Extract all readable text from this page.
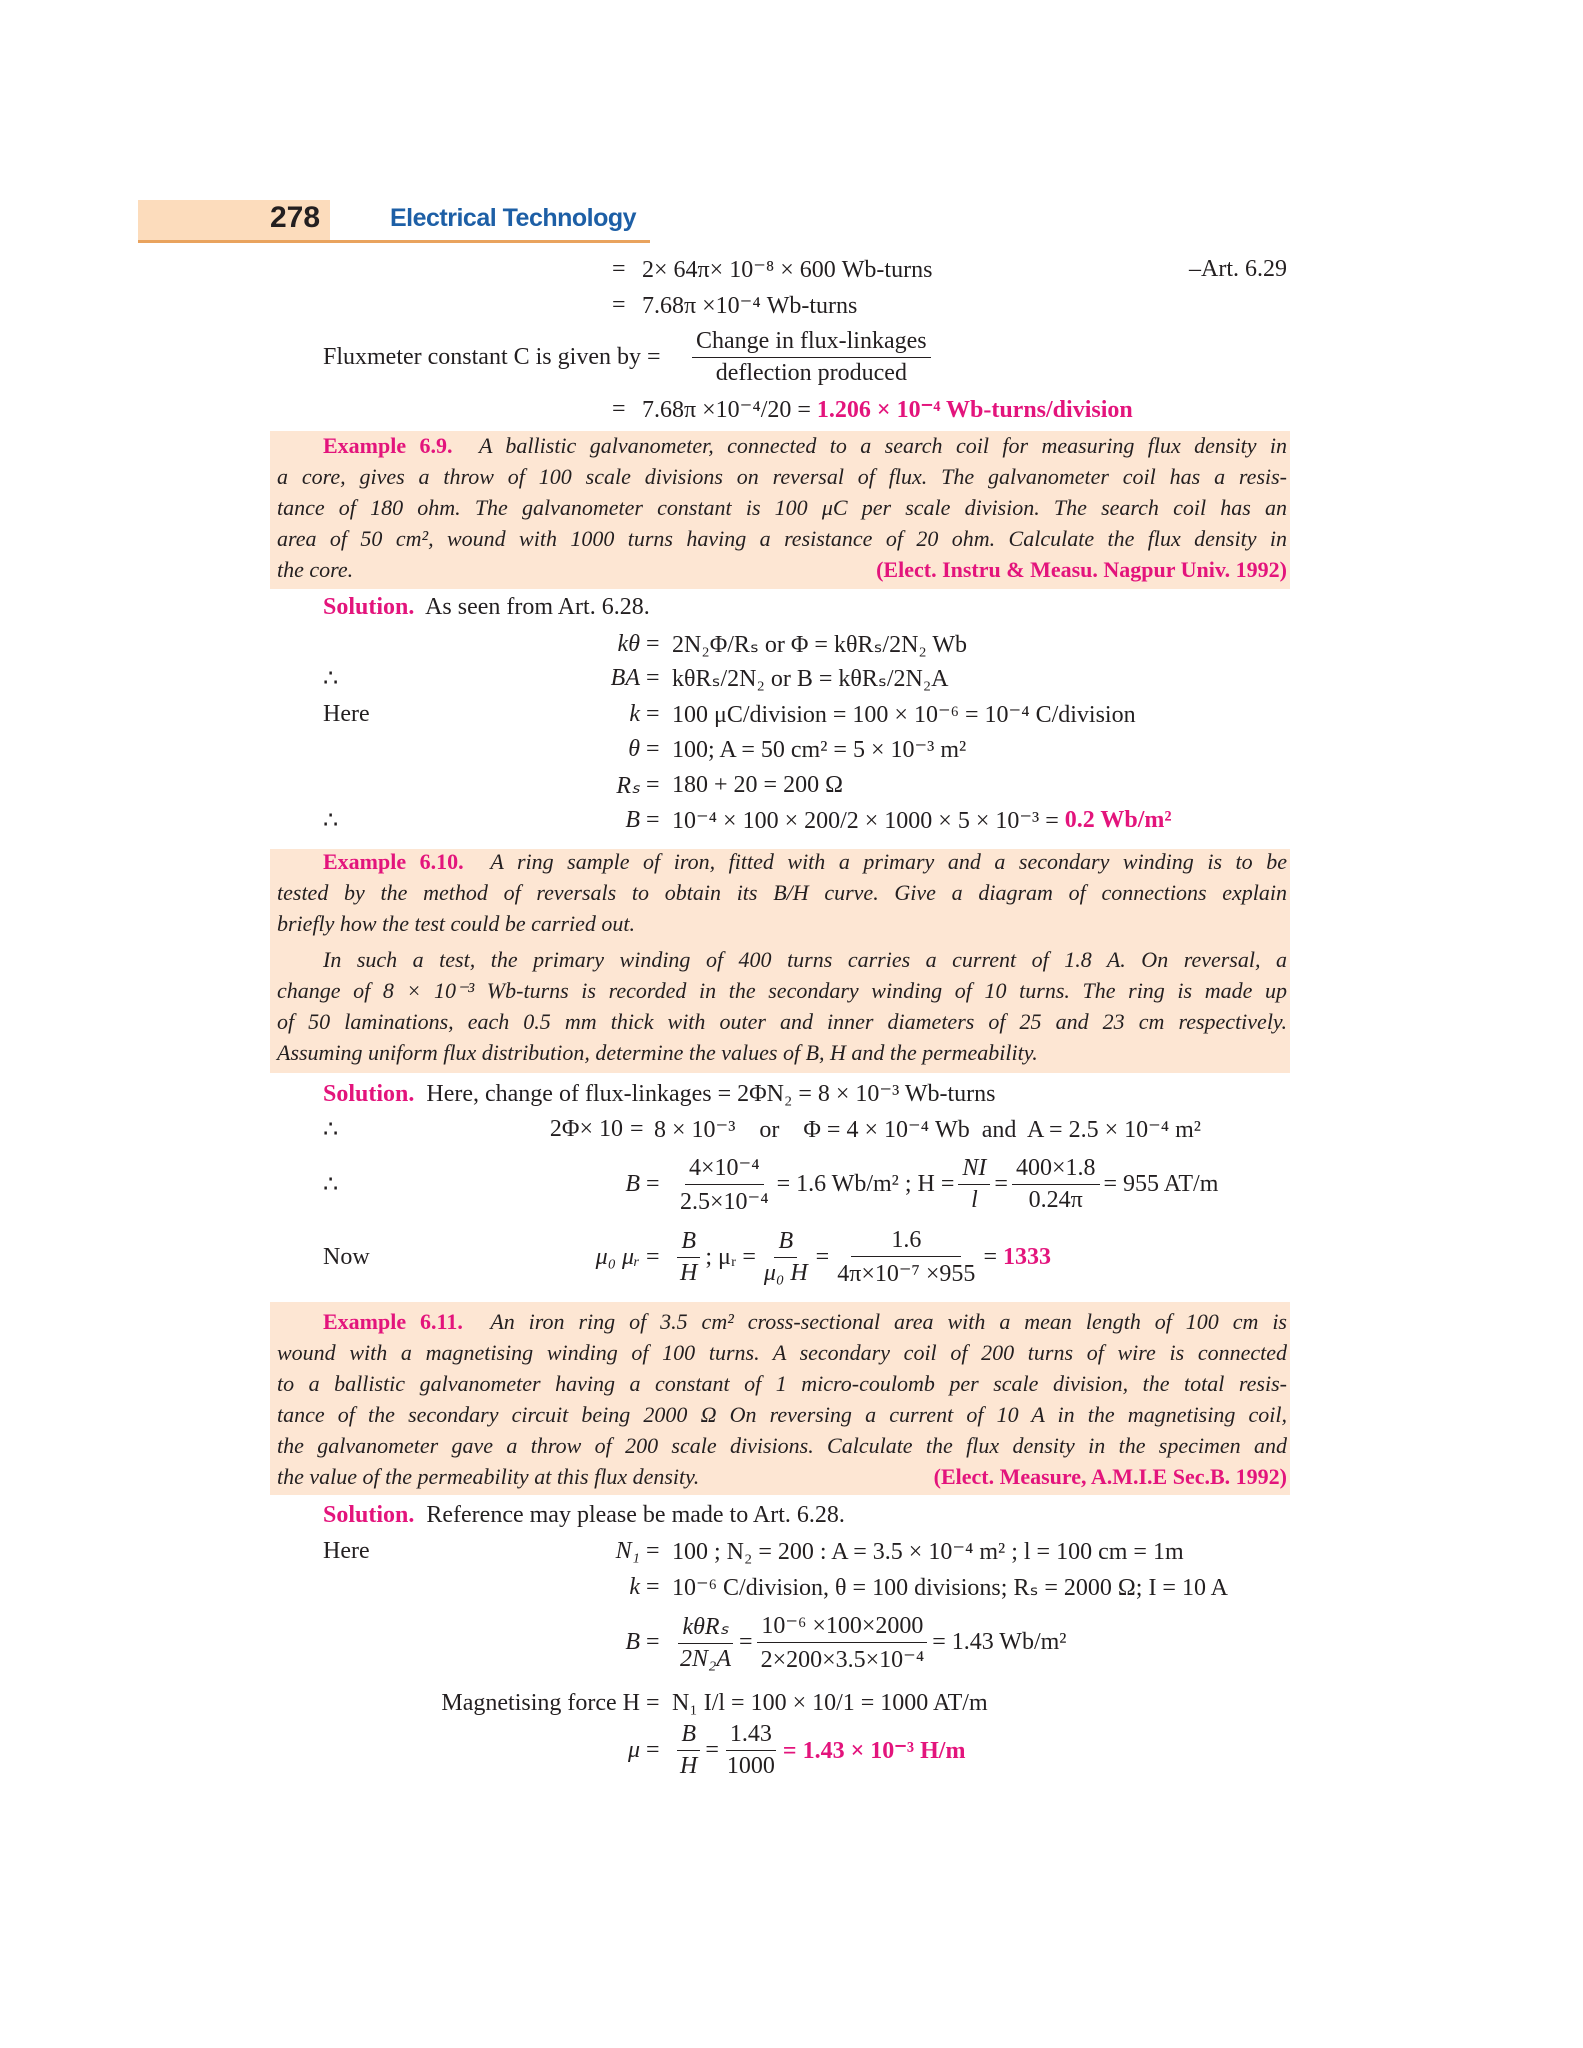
278	Electrical Technology
= 2× 64π× 10⁻⁸ × 600 Wb-turns	–Art. 6.29
= 7.68π ×10⁻⁴ Wb-turns
Fluxmeter constant C is given by = $\frac{\text{Change in flux-linkages}}{\text{deflection produced}}$
= 7.68π ×10⁻⁴/20 =
1.206 × 10⁻⁴ Wb-turns/division
Example 6.9. A ballistic galvanometer, connected to a search coil for measuring flux density in
a core, gives a throw of 100 scale divisions on reversal of flux. The galvanometer coil has a resis-
tance of 180 ohm. The galvanometer constant is 100 μC per scale division. The search coil has an
area of 50 cm², wound with 1000 turns having a resistance of 20 ohm. Calculate the flux density in
the core.	(Elect. Instru & Measu. Nagpur Univ. 1992)
Solution. As seen from Art. 6.28.
kθ = 2N₂Φ/Rₛ or Φ = kθRₛ/2N₂ Wb
∴	BA = kθRₛ/2N₂ or B = kθRₛ/2N₂A
Here	k = 100 μC/division = 100 × 10⁻⁶ = 10⁻⁴ C/division
θ = 100; A = 50 cm² = 5 × 10⁻³ m²
Rₛ = 180 + 20 = 200 Ω
∴	B = 10⁻⁴ × 100 × 200/2 × 1000 × 5 × 10⁻³ =
0.2 Wb/m²
Example 6.10. A ring sample of iron, fitted with a primary and a secondary winding is to be
tested by the method of reversals to obtain its B/H curve. Give a diagram of connections explain
briefly how the test could be carried out.
In such a test, the primary winding of 400 turns carries a current of 1.8 A. On reversal, a
change of 8 × 10⁻³ Wb-turns is recorded in the secondary winding of 10 turns. The ring is made up
of 50 laminations, each 0.5 mm thick with outer and inner diameters of 25 and 23 cm respectively.
Assuming uniform flux distribution, determine the values of B, H and the permeability.
Solution. Here, change of flux-linkages = 2ΦN₂ = 8 × 10⁻³ Wb-turns
∴	2Φ× 10 = 8 × 10⁻³    or    Φ = 4 × 10⁻⁴ Wb  and  A = 2.5 × 10⁻⁴ m²
∴	$B = \frac{\text{4×10⁻⁴}}{\text{2.5×10⁻⁴}} = 1.6$ Wb/m² ; $H = \frac{NI}{l} = \frac{400\times 1.8}{0.24\pi} = 955$ AT/m
Now	μ₀ μᵣ = $\frac{B}{H}$ ; μᵣ = $\frac{B}{\text{μ₀ H}} = \frac{1.6}{\text{4π×10⁻⁷ ×955}}$ =
1333
Example 6.11. An iron ring of 3.5 cm² cross-sectional area with a mean length of 100 cm is
wound with a magnetising winding of 100 turns. A secondary coil of 200 turns of wire is connected
to a ballistic galvanometer having a constant of 1 micro-coulomb per scale division, the total resis-
tance of the secondary circuit being 2000 Ω On reversing a current of 10 A in the magnetising coil,
the galvanometer gave a throw of 200 scale divisions. Calculate the flux density in the specimen and
the value of the permeability at this flux density.	(Elect. Measure, A.M.I.E Sec.B. 1992)
Solution. Reference may please be made to Art. 6.28.
Here	N₁ = 100 ; N₂ = 200 : A = 3.5 × 10⁻⁴ m² ; l = 100 cm = 1m
k = 10⁻⁶ C/division, θ = 100 divisions; Rₛ = 2000 Ω; I = 10 A
$B = \frac{\text{kθRₛ}}{\text{2N₂A}} = \frac{\text{10⁻⁶ ×100×2000}}{\text{2×200×3.5×10⁻⁴}} = 1.43$ Wb/m²
Magnetising force H = N₁ I/l = 100 × 10/1 = 1000 AT/m
$\mu = \frac{B}{H} = \frac{1.43}{1000} = 1.43 \times 10^{-3}$ H/m
